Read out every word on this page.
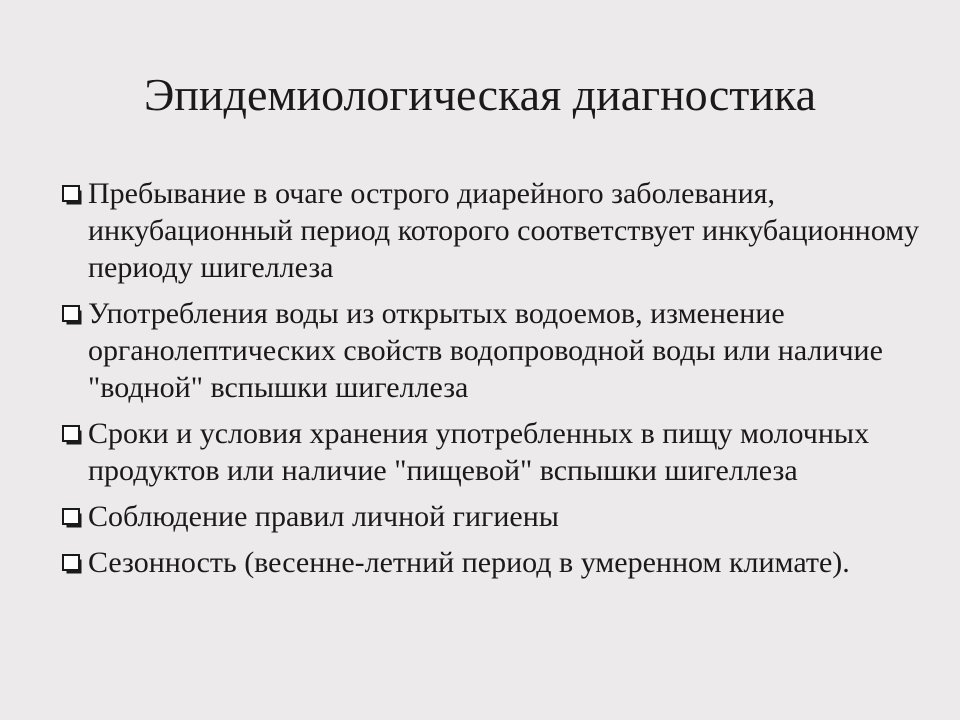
Эпидемиологическая диагностика
Пребывание в очаге острого диарейного заболевания, инкубационный период которого соответствует инкубационному периоду шигеллеза
Употребления воды из открытых водоемов, изменение органолептических свойств водопроводной воды или наличие "водной" вспышки шигеллеза
Сроки и условия хранения употребленных в пищу молочных продуктов или наличие "пищевой" вспышки шигеллеза
Соблюдение правил личной гигиены
Сезонность (весенне-летний период в умеренном климате).
